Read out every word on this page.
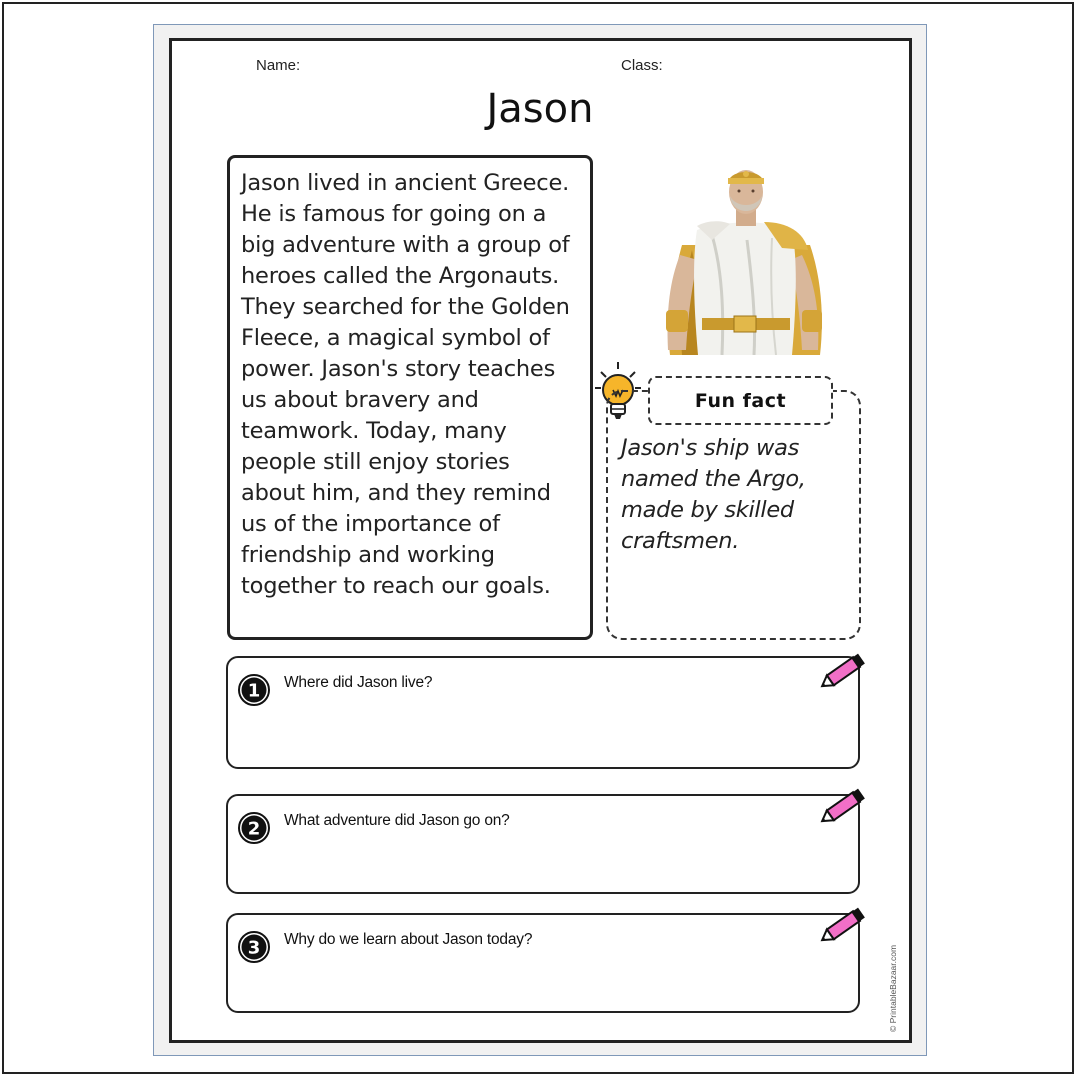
Name:	Class:
Jason
Jason lived in ancient Greece. He is famous for going on a big adventure with a group of heroes called the Argonauts. They searched for the Golden Fleece, a magical symbol of power. Jason's story teaches us about bravery and teamwork. Today, many people still enjoy stories about him, and they remind us of the importance of friendship and working together to reach our goals.
Fun fact
Jason's ship was named the Argo, made by skilled craftsmen.
1 Where did Jason live?
2 What adventure did Jason go on?
3 Why do we learn about Jason today?
© PrintableBazaar.com
